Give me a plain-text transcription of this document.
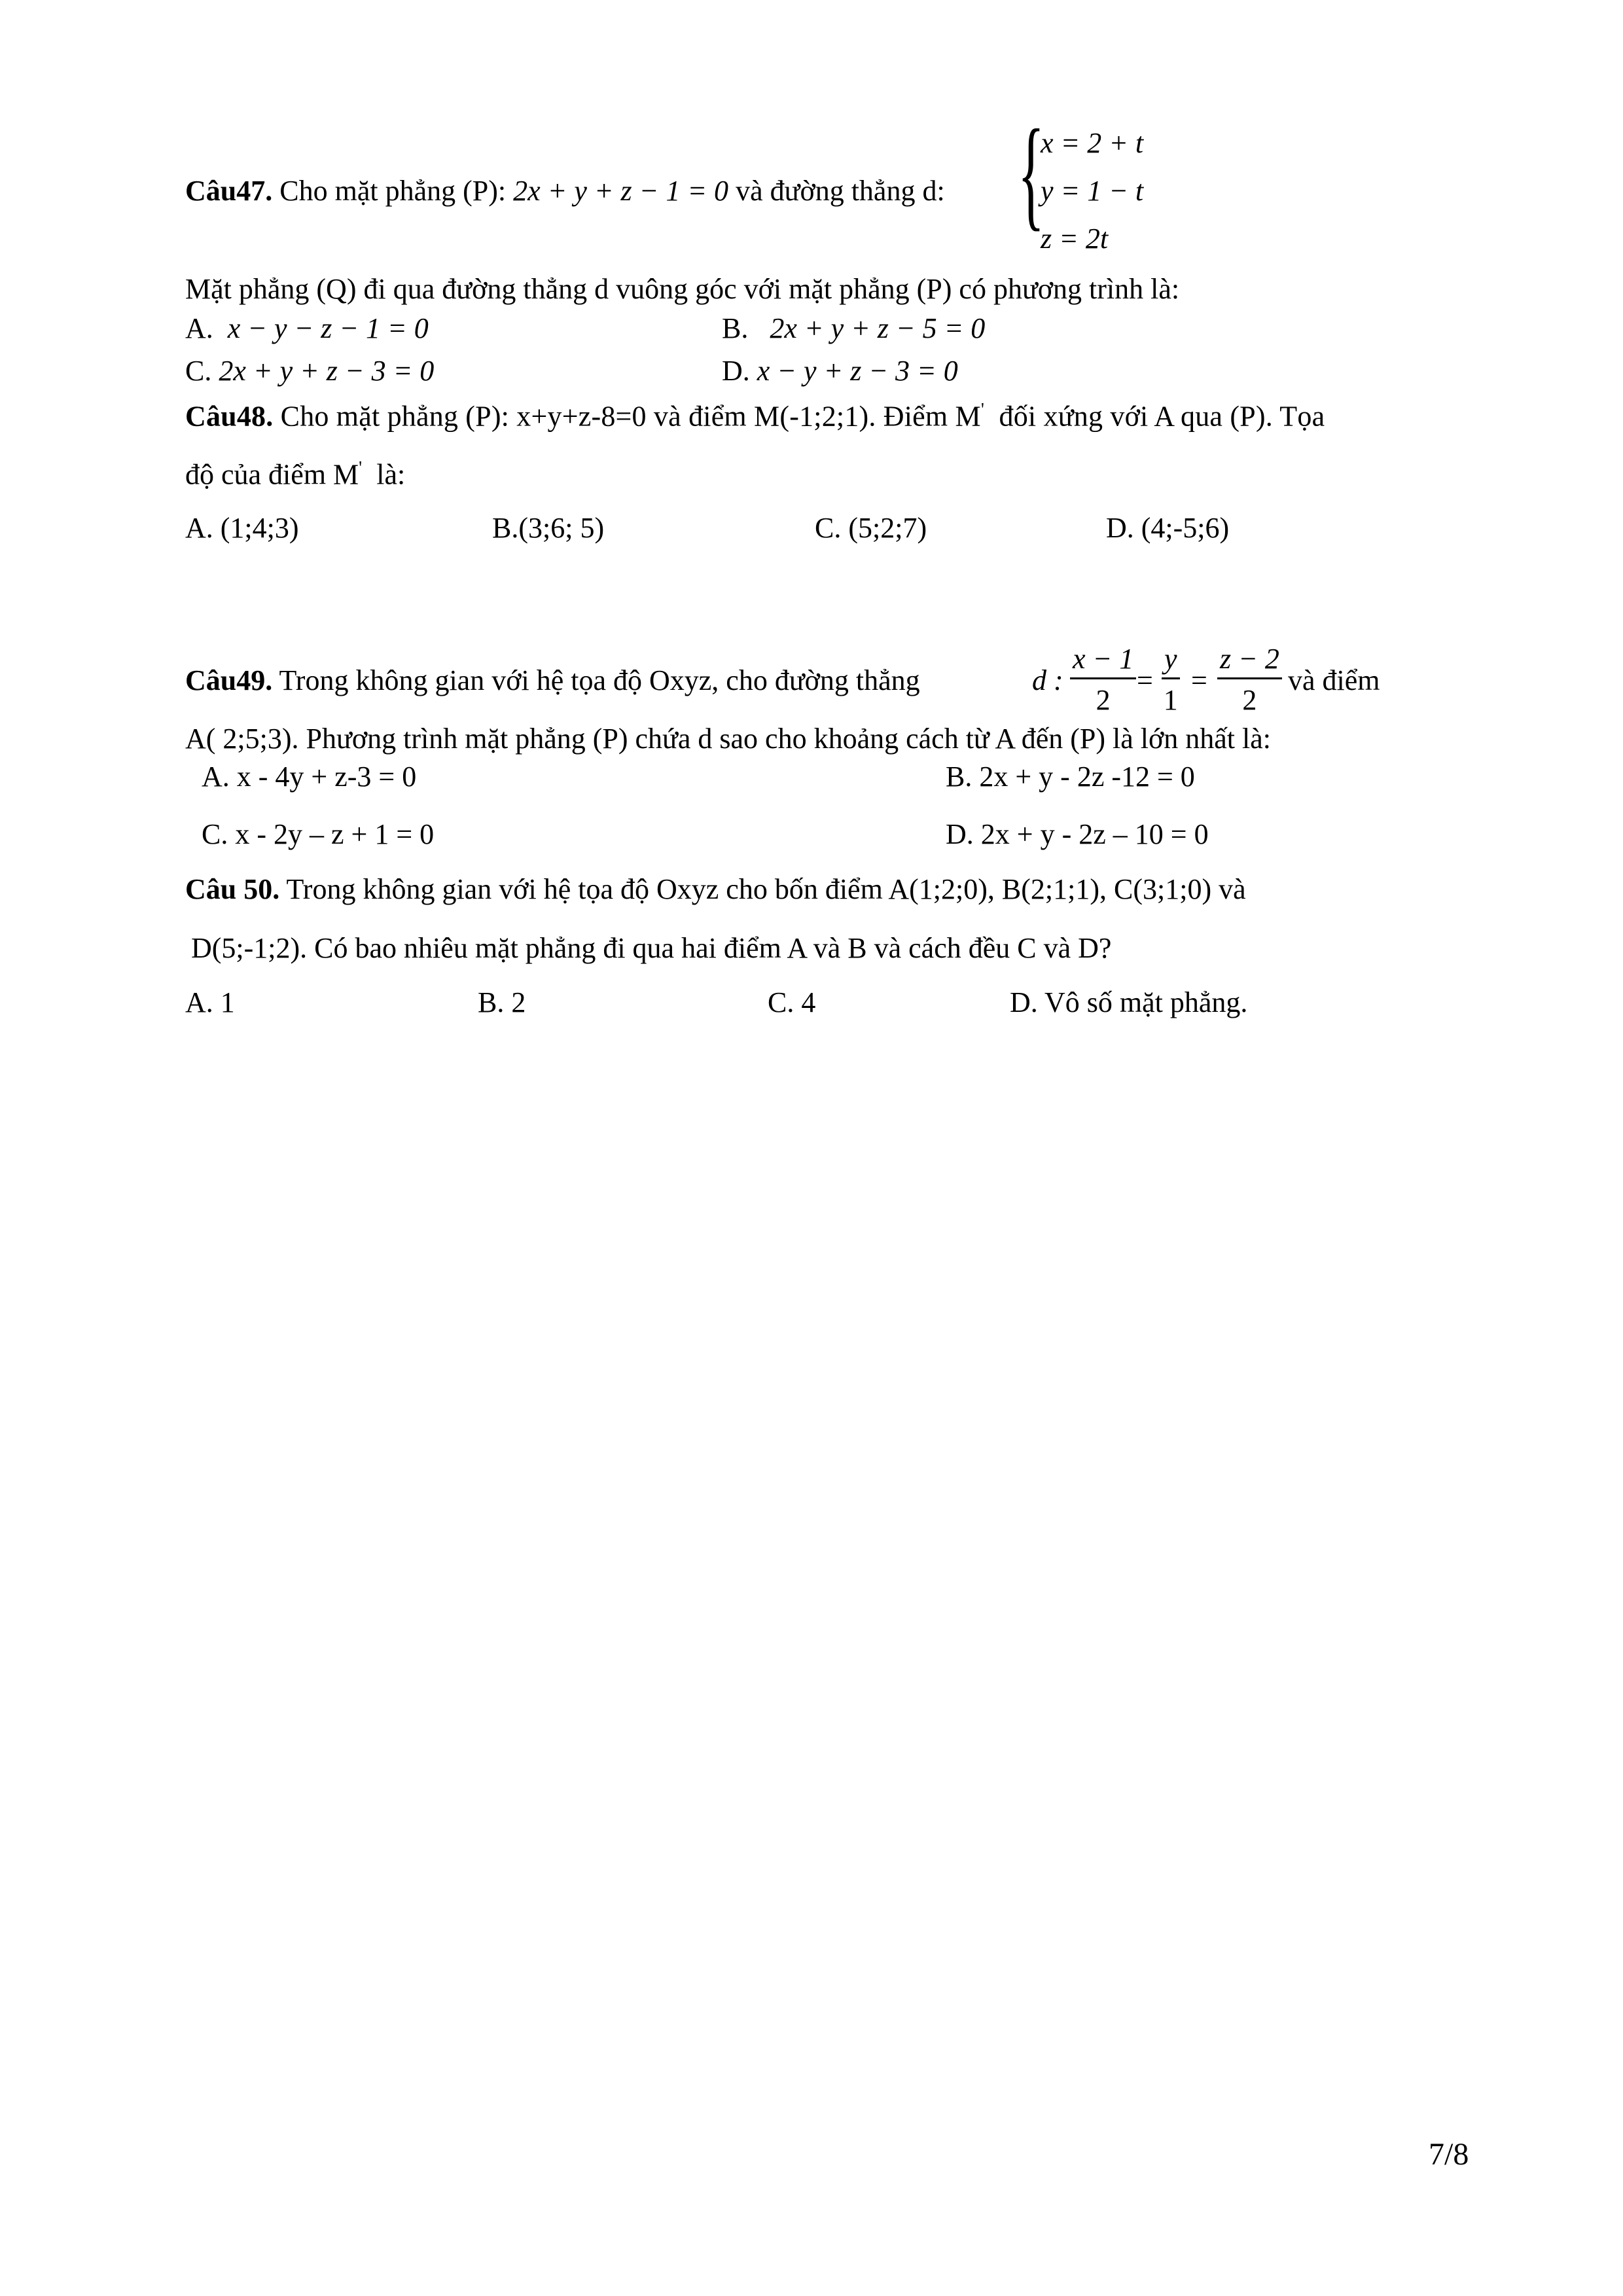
{
x = 2 + t
y = 1 − t
z = 2t
Câu47. Cho mặt phẳng (P): 2x + y + z − 1 = 0 và đường thẳng d:
Mặt phẳng (Q) đi qua đường thẳng d vuông góc với mặt phẳng (P) có phương trình là:
A. x − y − z − 1 = 0	B. 2x + y + z − 5 = 0
C. 2x + y + z − 3 = 0	D. x − y + z − 3 = 0
Câu48. Cho mặt phẳng (P): x+y+z-8=0 và điểm M(-1;2;1). Điểm M' đối xứng với A qua (P). Tọa
độ của điểm M' là:
A. (1;4;3)	B.(3;6; 5)	C. (5;2;7)	D. (4;-5;6)
Câu49. Trong không gian với hệ tọa độ Oxyz, cho đường thẳng	d : $\frac{x - 1}{2} = \frac{y}{1} = \frac{z - 2}{2}$ và điểm
A( 2;5;3). Phương trình mặt phẳng (P) chứa d sao cho khoảng cách từ A đến (P) là lớn nhất là:
A. x - 4y + z-3 = 0	B. 2x + y - 2z -12 = 0
C. x - 2y – z + 1 = 0	D. 2x + y - 2z – 10 = 0
Câu 50. Trong không gian với hệ tọa độ Oxyz cho bốn điểm A(1;2;0), B(2;1;1), C(3;1;0) và
D(5;-1;2). Có bao nhiêu mặt phẳng đi qua hai điểm A và B và cách đều C và D?
A. 1	B. 2	C. 4	D. Vô số mặt phẳng.
7/8
